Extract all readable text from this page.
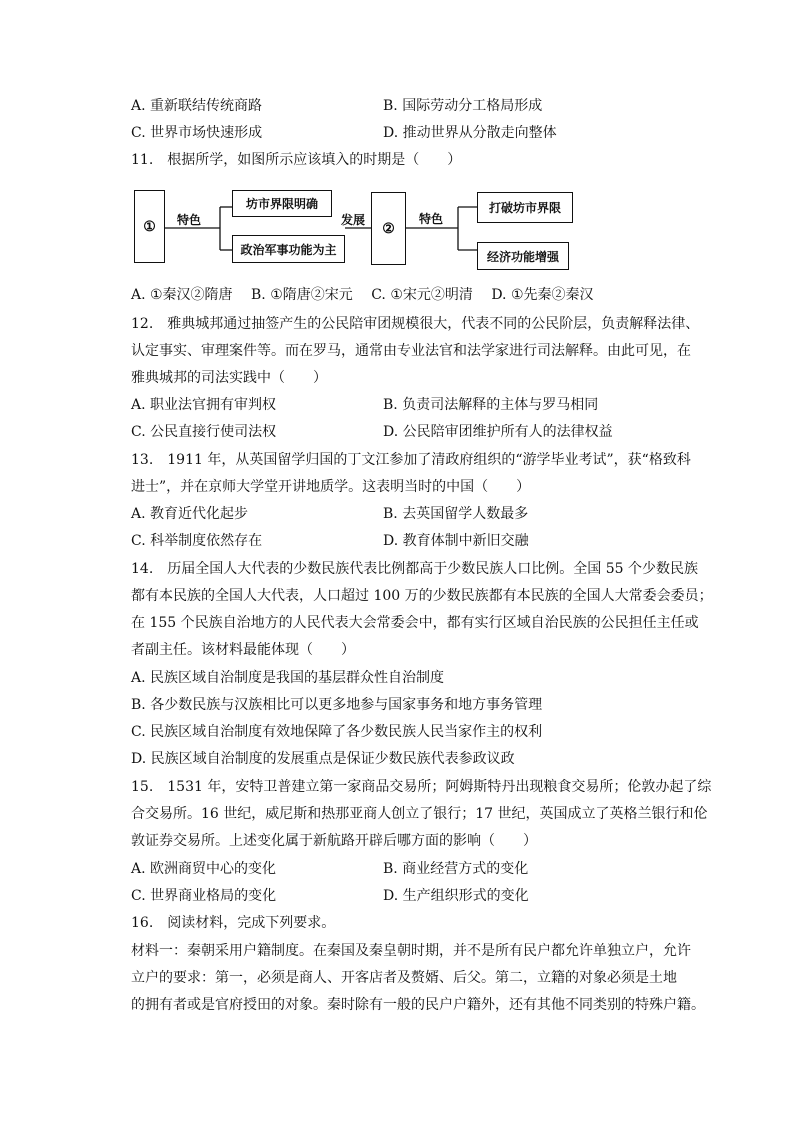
A. 重新联结传统商路	B. 国际劳动分工格局形成
C. 世界市场快速形成	D. 推动世界从分散走向整体
11.　根据所学，如图所示应该填入的时期是（　　）
①	特色
坊市界限明确
政治军事功能为主
发展
②
特色
打破坊市界限
经济功能增强
A. ①秦汉②隋唐　 B. ①隋唐②宋元　 C. ①宋元②明清　 D. ①先秦②秦汉
12.　雅典城邦通过抽签产生的公民陪审团规模很大，代表不同的公民阶层，负责解释法律、
认定事实、审理案件等。而在罗马，通常由专业法官和法学家进行司法解释。由此可见，在
雅典城邦的司法实践中（　　）
A. 职业法官拥有审判权	B. 负责司法解释的主体与罗马相同
C. 公民直接行使司法权	D. 公民陪审团维护所有人的法律权益
13.　1911 年，从英国留学归国的丁文江参加了清政府组织的“游学毕业考试”，获“格致科
进士”，并在京师大学堂开讲地质学。这表明当时的中国（　　）
A. 教育近代化起步	B. 去英国留学人数最多
C. 科举制度依然存在	D. 教育体制中新旧交融
14.　历届全国人大代表的少数民族代表比例都高于少数民族人口比例。全国 55 个少数民族
都有本民族的全国人大代表，人口超过 100 万的少数民族都有本民族的全国人大常委会委员；
在 155 个民族自治地方的人民代表大会常委会中，都有实行区域自治民族的公民担任主任或
者副主任。该材料最能体现（　　）
A. 民族区域自治制度是我国的基层群众性自治制度
B. 各少数民族与汉族相比可以更多地参与国家事务和地方事务管理
C. 民族区域自治制度有效地保障了各少数民族人民当家作主的权利
D. 民族区域自治制度的发展重点是保证少数民族代表参政议政
15.　1531 年，安特卫普建立第一家商品交易所；阿姆斯特丹出现粮食交易所；伦敦办起了综
合交易所。16 世纪，威尼斯和热那亚商人创立了银行；17 世纪，英国成立了英格兰银行和伦
敦证券交易所。上述变化属于新航路开辟后哪方面的影响（　　）
A. 欧洲商贸中心的变化	B. 商业经营方式的变化
C. 世界商业格局的变化	D. 生产组织形式的变化
16.　阅读材料，完成下列要求。
材料一：秦朝采用户籍制度。在秦国及秦皇朝时期，并不是所有民户都允许单独立户，允许
立户的要求：第一，必须是商人、开客店者及赘婿、后父。第二，立籍的对象必须是土地
的拥有者或是官府授田的对象。秦时除有一般的民户户籍外，还有其他不同类别的特殊户籍。
